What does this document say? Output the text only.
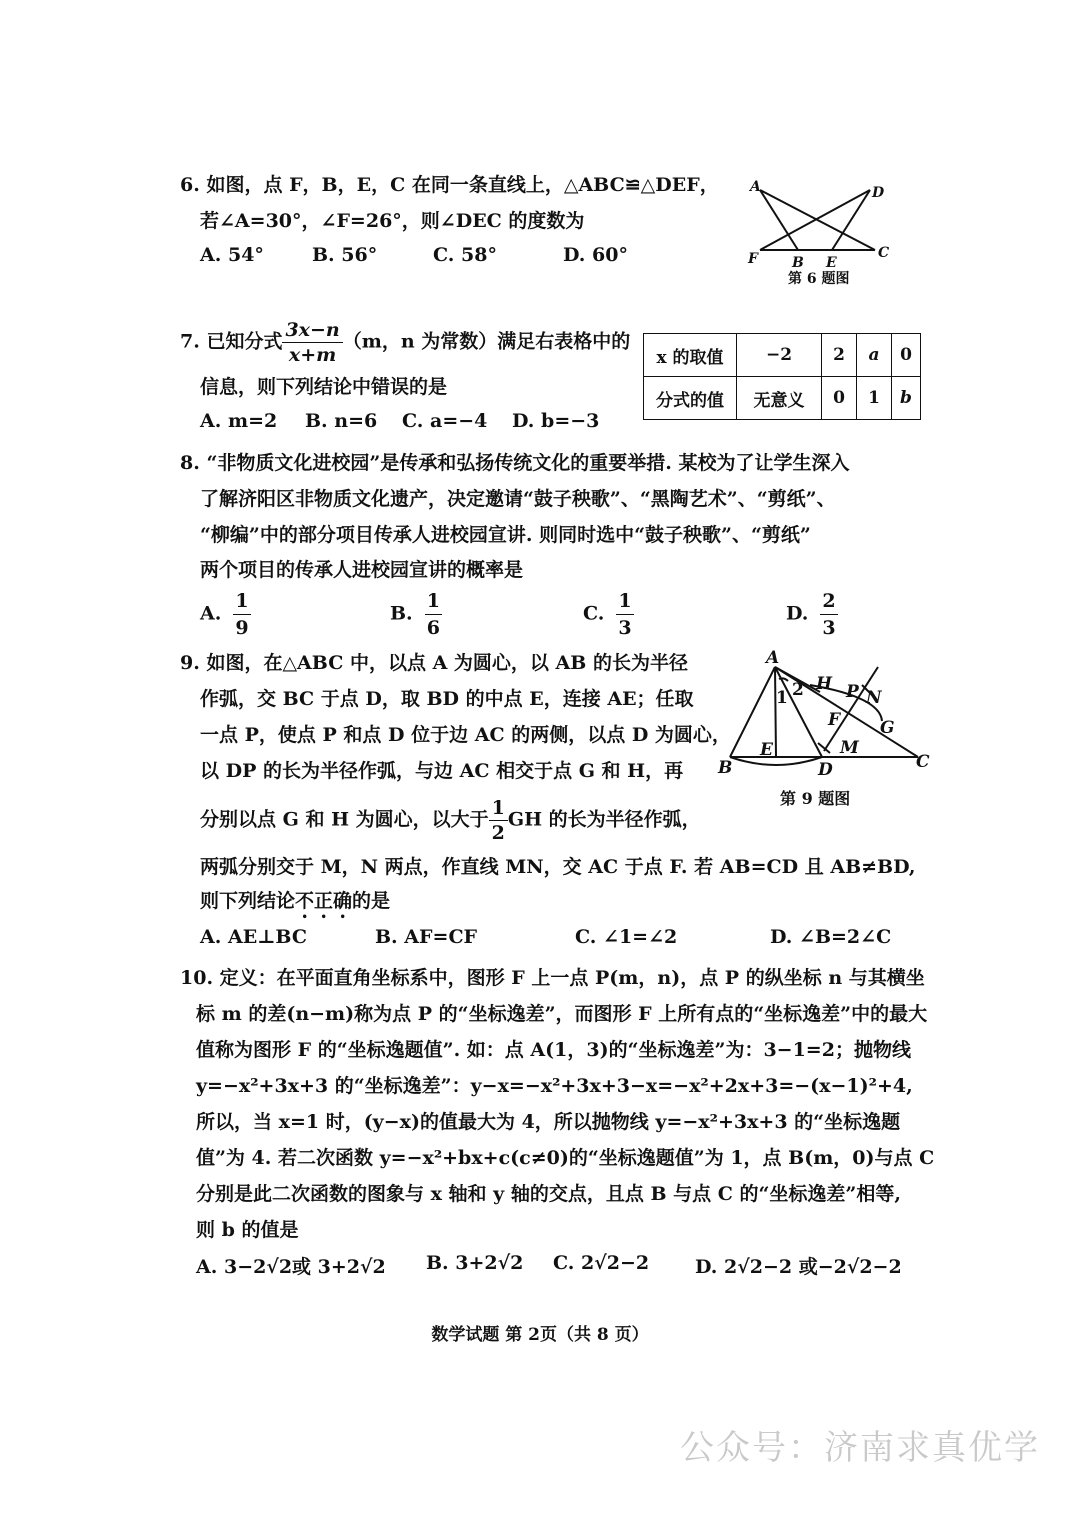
6. 如图，点 F，B，E，C 在同一条直线上，△ABC≌△DEF，
若∠A=30°，∠F=26°，则∠DEC 的度数为
A. 54°	B. 56°	C. 58°	D. 60°
A	D
F B E
C
第 6 题图
7. 已知分式 $\frac{3x-n}{x+m} (m$，n 为常数）满足右表格中的
信息，则下列结论中错误的是
A. m=2 B. n=6 C. a=−4 D. b=−3
x 的取值	−2	2	a	0
分式的值	无意义	0	1	b
8. “非物质文化进校园”是传承和弘扬传统文化的重要举措. 某校为了让学生深入
了解济阳区非物质文化遗产，决定邀请“鼓子秧歌”、“黑陶艺术”、“剪纸”、
“柳编”中的部分项目传承人进校园宣讲. 则同时选中“鼓子秧歌”、“剪纸”
两个项目的传承人进校园宣讲的概率是
A. $\frac{1}{9}$	B. $\frac{1}{6}$	C. $\frac{1}{3}$	D. $\frac{2}{3}$
9. 如图，在△ABC 中，以点 A 为圆心，以 AB 的长为半径
作弧，交 BC 于点 D，取 BD 的中点 E，连接 AE；任取
一点 P，使点 P 和点 D 位于边 AC 的两侧，以点 D 为圆心，
以 DP 的长为半径作弧，与边 AC 相交于点 G 和 H，再
分别以点 G 和 H 为圆心，以大于 $\frac{1}{2}$ GH 的长为半径作弧，
两弧分别交于 M，N 两点，作直线 MN，交 AC 于点 F. 若 AB=CD 且 AB≠BD,
则下列结论不正确的是
A. AE⊥BC	B. AF=CF	C. ∠1=∠2	D. ∠B=2∠C
A
H
2
1	P N
F G
E	M
B	D	C
第 9 题图
10. 定义：在平面直角坐标系中，图形 F 上一点 P(m，n)，点 P 的纵坐标 n 与其横坐
标 m 的差(n−m)称为点 P 的“坐标逸差”，而图形 F 上所有点的“坐标逸差”中的最大
值称为图形 F 的“坐标逸题值”. 如：点 A(1，3)的“坐标逸差”为：3−1=2；抛物线
y=−x²+3x+3 的“坐标逸差”：y−x=−x²+3x+3−x=−x²+2x+3=−(x−1)²+4,
所以，当 x=1 时，(y−x)的值最大为 4，所以抛物线 y=−x²+3x+3 的“坐标逸题
值”为 4. 若二次函数 y=−x²+bx+c(c≠0)的“坐标逸题值”为 1，点 B(m，0)与点 C
分别是此二次函数的图象与 x 轴和 y 轴的交点，且点 B 与点 C 的“坐标逸差”相等,
则 b 的值是
A. 3−2√2或 3+2√2 B. 3+2√2 C. 2√2−2 D. 2√2−2 或−2√2−2
数学试题 第 2页（共 8 页）
公众号：济南求真优学
